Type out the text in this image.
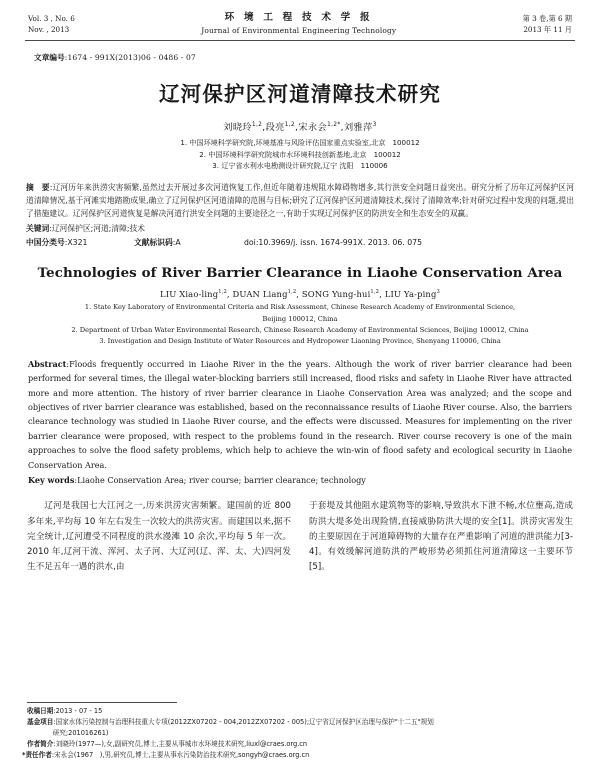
Vol. 3 , No. 6
Nov. , 2013
环 境 工 程 技 术 学 报
Journal of Environmental Engineering Technology
第 3 卷,第 6 期
2013 年 11 月
文章编号:1674 - 991X(2013)06 - 0486 - 07
辽河保护区河道清障技术研究
刘晓玲$^{1,2}$,段亮$^{1,2}$,宋永会$^{1,2*}$,刘雅萍$^3$
1. 中国环境科学研究院,环境基准与风险评估国家重点实验室,北京　100012
2. 中国环境科学研究院城市水环境科技创新基地,北京　100012
3. 辽宁省水利水电勘测设计研究院,辽宁 沈阳　110006
摘　要:辽河历年来洪涝灾害频繁,虽然过去开展过多次河道恢复工作,但近年随着违规阻水障碍物增多,其行洪安全问题日益突出。研究分析了历年辽河保护区河道清障情况,基于河滩实地踏勘成果,确立了辽河保护区河道清障的范围与目标;研究了辽河保护区河道清障技术,探讨了清障效率;针对研究过程中发现的问题,提出了措施建议。辽河保护区河道恢复是解决河道行洪安全问题的主要途径之一,有助于实现辽河保护区的防洪安全和生态安全的双赢。
关键词:辽河保护区;河道;清障;技术
中国分类号:X321	文献标识码:A	doi:10.3969/j. issn. 1674-991X. 2013. 06. 075
Technologies of River Barrier Clearance in Liaohe Conservation Area
LIU Xiao-ling$^{1,2}$, DUAN Liang$^{1,2}$, SONG Yung-hui$^{1,2}$, LIU Ya-ping$^3$
1. State Key Laboratory of Environmental Criteria and Risk Assessment, Chinese Research Academy of Environmental Science,
Beijing 100012, China
2. Department of Urban Water Environmental Research, Chinese Research Academy of Environmental Sciences, Beijing 100012, China
3. Investigation and Design Institute of Water Resources and Hydropower Liaoning Province, Shenyang 110006, China
Abstract:Floods frequently occurred in Liaohe River in the the years. Although the work of river barrier clearance had been performed for several times, the illegal water-blocking barriers still increased, flood risks and safety in Liaohe River have attracted more and more attention. The history of river barrier clearance in Liaohe Conservation Area was analyzed; and the scope and objectives of river barrier clearance was established, based on the reconnaissance results of Liaohe River course. Also, the barriers clearance technology was studied in Liaohe River course, and the effects were discussed. Measures for implementing on the river barrier clearance were proposed, with respect to the problems found in the research. River course recovery is one of the main approaches to solve the flood safety problems, which help to achieve the win-win of flood safety and ecological security in Liaohe Conservation Area.
Key words:Liaohe Conservation Area; river course; barrier clearance; technology

辽河是我国七大江河之一,历来洪涝灾害频繁。建国前的近 800 多年来,平均每 10 年左右发生一次较大的洪涝灾害。而建国以来,据不完全统计,辽河遭受不同程度的洪水漫滩 10 余次,平均每 5 年一次。2010 年,辽河干流、浑河、太子河、大辽河(辽、浑、太、大)四河发生不足五年一遇的洪水,由

于套堤及其他阻水建筑物等的影响,导致洪水下泄不畅,水位壅高,造成防洪大堤多处出现险情,直接威胁防洪大堤的安全[1]。洪涝灾害发生的主要原因在于河道障碍物的大量存在严重影响了河道的泄洪能力[3-4]。有效缓解河道防洪的严峻形势必须抓住河道清障这一主要环节[5]。

收稿日期:2013 - 07 - 15
基金项目:国家水体污染控制与治理科技重大专项(2012ZX07202 - 004,2012ZX07202 - 005);辽宁省辽河保护区治理与保护"十二五"规划
研究;201016261)
作者简介:刘晓玲(1977—),女,副研究员,博士,主要从事城市水环境技术研究,liuxl@craes.org.cn
*责任作者:宋永会(1967　),男,研究员,博士,主要从事水污染防治技术研究,songyh@craes.org.cn
